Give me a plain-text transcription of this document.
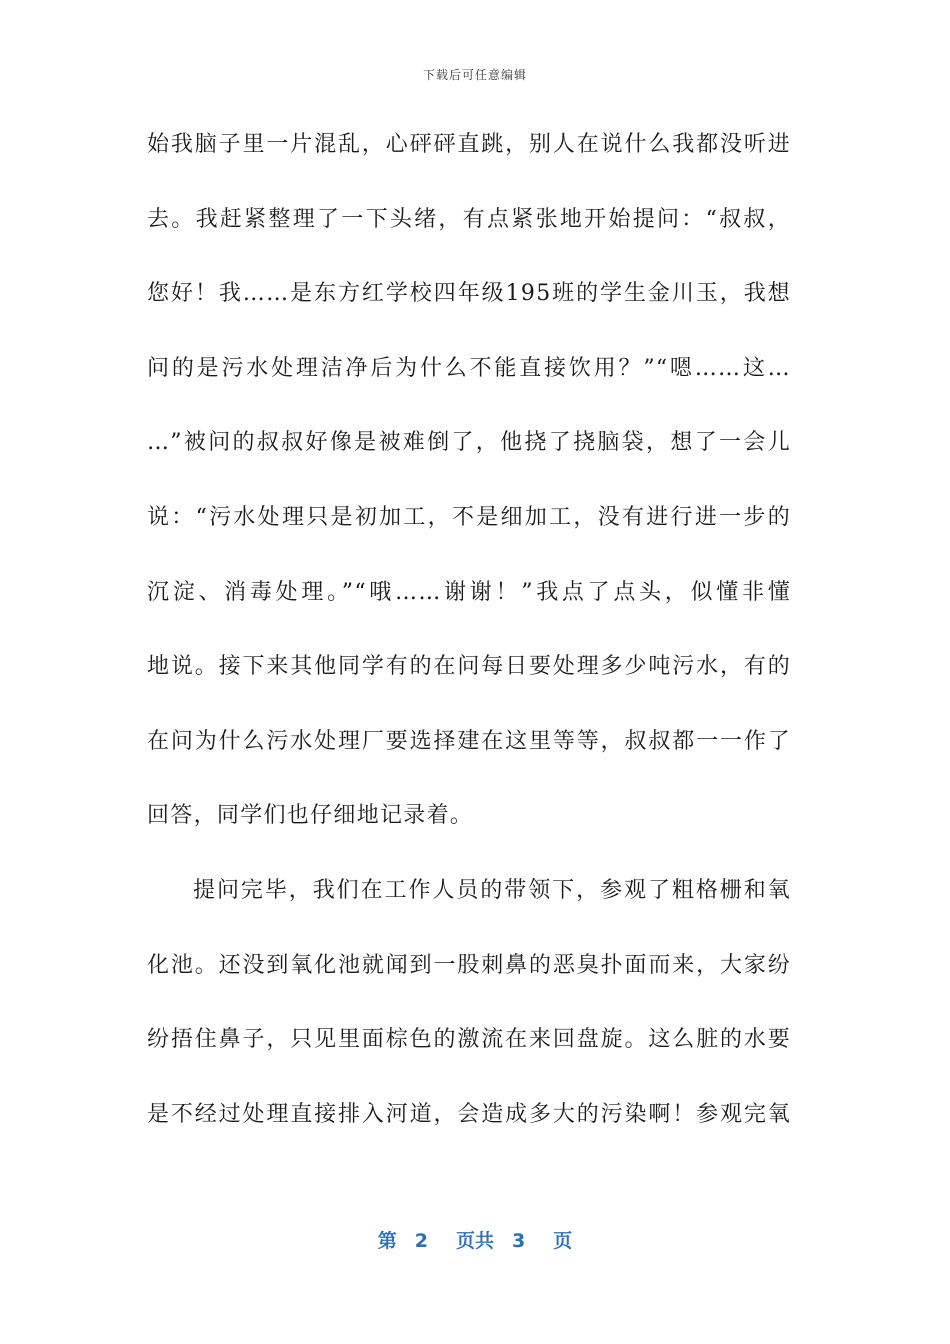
下载后可任意编辑
始我脑子里一片混乱，心砰砰直跳，别人在说什么我都没听进
去。我赶紧整理了一下头绪，有点紧张地开始提问：“叔叔，
您好！我……是东方红学校四年级195班的学生金川玉，我想
问的是污水处理洁净后为什么不能直接饮用？”“嗯……这…
…”被问的叔叔好像是被难倒了，他挠了挠脑袋，想了一会儿
说：“污水处理只是初加工，不是细加工，没有进行进一步的
沉淀、消毒处理。”“哦……谢谢！”我点了点头，似懂非懂
地说。接下来其他同学有的在问每日要处理多少吨污水，有的
在问为什么污水处理厂要选择建在这里等等，叔叔都一一作了
回答，同学们也仔细地记录着。
提问完毕，我们在工作人员的带领下，参观了粗格栅和氧
化池。还没到氧化池就闻到一股刺鼻的恶臭扑面而来，大家纷
纷捂住鼻子，只见里面棕色的激流在来回盘旋。这么脏的水要
是不经过处理直接排入河道，会造成多大的污染啊！参观完氧
第 2 页共 3 页
